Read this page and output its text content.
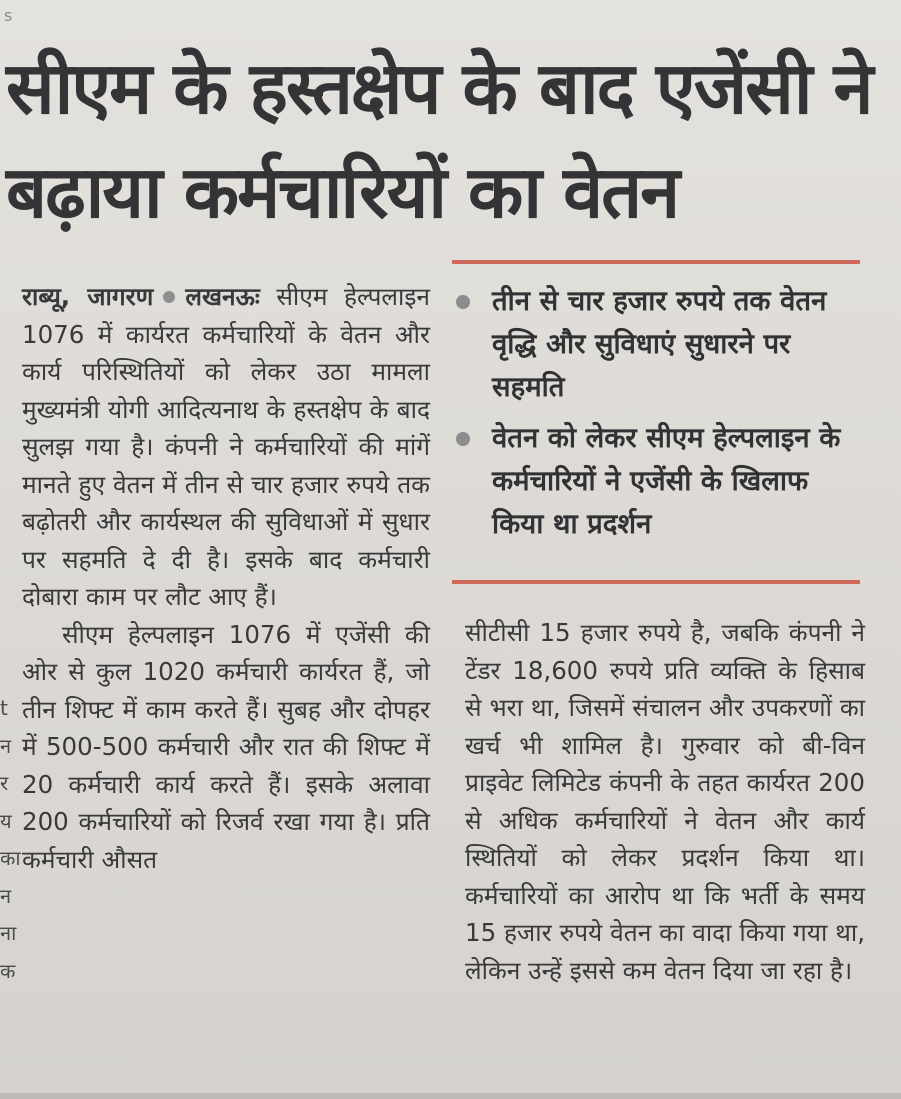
s
सीएम के हस्तक्षेप के बाद एजेंसी ने बढ़ाया कर्मचारियों का वेतन
तीन से चार हजार रुपये तक वेतन वृद्धि और सुविधाएं सुधारने पर सहमति
वेतन को लेकर सीएम हेल्पलाइन के कर्मचारियों ने एजेंसी के खिलाफ किया था प्रदर्शन

राब्यू, जागरण लखनऊः सीएम हेल्पलाइन 1076 में कार्यरत कर्मचारियों के वेतन और कार्य परिस्थितियों को लेकर उठा मामला मुख्यमंत्री योगी आदित्यनाथ के हस्तक्षेप के बाद सुलझ गया है। कंपनी ने कर्मचारियों की मांगें मानते हुए वेतन में तीन से चार हजार रुपये तक बढ़ोतरी और कार्यस्थल की सुविधाओं में सुधार पर सहमति दे दी है। इसके बाद कर्मचारी दोबारा काम पर लौट आए हैं।

सीएम हेल्पलाइन 1076 में एजेंसी की ओर से कुल 1020 कर्मचारी कार्यरत हैं, जो तीन शिफ्ट में काम करते हैं। सुबह और दोपहर में 500-500 कर्मचारी और रात की शिफ्ट में 20 कर्मचारी कार्य करते हैं। इसके अलावा 200 कर्मचारियों को रिजर्व रखा गया है। प्रति कर्मचारी औसत

सीटीसी 15 हजार रुपये है, जबकि कंपनी ने टेंडर 18,600 रुपये प्रति व्यक्ति के हिसाब से भरा था, जिसमें संचालन और उपकरणों का खर्च भी शामिल है। गुरुवार को बी-विन प्राइवेट लिमिटेड कंपनी के तहत कार्यरत 200 से अधिक कर्मचारियों ने वेतन और कार्य स्थितियों को लेकर प्रदर्शन किया था। कर्मचारियों का आरोप था कि भर्ती के समय 15 हजार रुपये वेतन का वादा किया गया था, लेकिन उन्हें इससे कम वेतन दिया जा रहा है।

t
न
र
य
का
न
ना
क
